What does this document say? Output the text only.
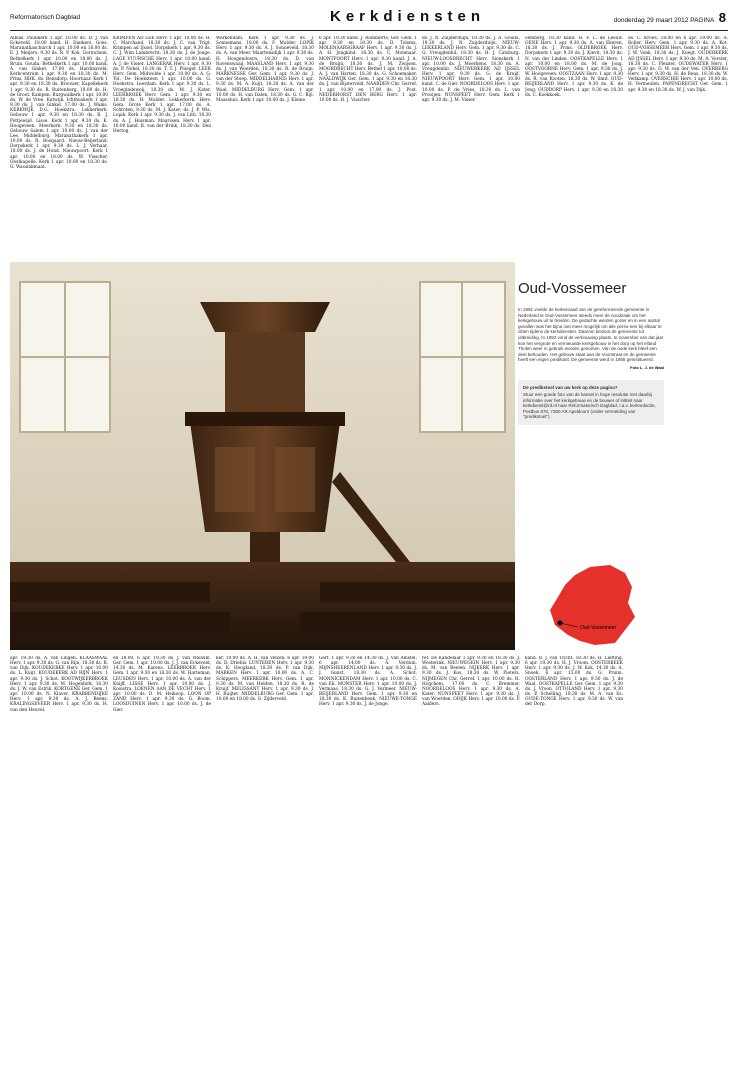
Reformatorisch Dagblad	Kerkdiensten	donderdag 29 maart 2012 PAGINA 8

Alblas. Paulikerk 1 apr. 10.00 ds. D. J. van Eckeveld, 18.00 kand. H. Dankers. Goes. Maranathaschurch 1 apr. 10.00 en 18.00 ds. E. J. Meijers; 9.30 ds. R. P. Kok. Gorinchem, Bethelkerk 1 apr. 10.00 en 18.00 ds. J. Bruin. Gouda. Bethelkerk 1 apr. 10.00 kand. A. van Ginkel; 17.00 ds. Hardinxveld. Kerkcentrum 1 apr. 9.30 en 18.30 ds. M. Prins. HHK. ds. Bensdorp. Hoornaar. Kerk 1 apr. 9.30 en 18.30 ds. Brouwer, Kapellekerk 1 apr. 9.30 ds. R. Ruitenberg, 18.00 ds. H. de Groot. Kampen. Burgwalkerk 1 apr. 10.00 ds. W. de Vree. Katwijk. Ichthuskerk 1 apr. 9.30 ds. J. van Ginkel, 17.00 ds. J. Wams. KERKWIJK D.G. Hoekstra. Lekkerkerk. Gebouw 1 apr. 9.30 en 18.30 ds. B. J. Pottjewijd. Lisse. Kerk 1 apr. 9.30 ds. K. Hoogeveen. Meerkerk. 9.30 en 18.30 ds. Gebouw Salem 1 apr. 10.00 ds. J. van der Lee. Middelburg. Maranathakerk 1 apr. 10.00 ds. R. Boogaard. Nieuw-Beijerland. Dorpskerk 1 apr. 9.30 ds. L. J. Verhaar, 18.00 ds. J. de Hond. Nieuwpoort. Kerk 1 apr. 10.00 en 18.00 ds. W. Visscher. Oostkapelle. Kerk 1 apr. 10.00 en 18.30 ds. G. Wassinkmaat.

KRIMPEN AD LEK Herv. 1 apr. 10.00 ds. H. C. Marchand, 18.30 ds. J. C. van Trigt. Krimpen ad IJssel. Dorpskerk 1 apr. 9.30 ds. C. J. Wim Lambrecht, 18.30 ds. J. de Jonge. LAGE VUURSCHE Herv. 1 apr. 10.00 kand. A. J. de Visser. LANGERAK Herv. 1 apr. 9.30 ds. P. Nobel, 18.30 ds. T. T. J. Ploeger. LEEK Herv. Gem. Midwolde 1 apr. 10.00 ds. A. G. Tol. De Hoeksteen 1 apr. 10.00 ds. G. Hoekstra. Leerdam. Kerk 1 apr. 9.30 ds. L. Vroegindeweij, 18.30 ds. M. J. Kater. LEERBROEK Herv. Gem. 1 apr. 9.30 en 18.30 ds. H. Mulder. Lekkerkerk. Herv. Gem. Grote Kerk 1 apr. 17.00 ds. A. Schroten, 9.30 ds. M. J. Kater; ds. J. P. Wis. Lopik. Kerk 1 apr. 9.30 ds. J. van Lith, 18.30 ds. A. J. Huisman. Maarssen. Herv. 1 apr. 10.00 kand. B. van der Brink, 18.30 ds. Den Hertog.

Werkendam. Kerk 1 apr. 9.30 ds. J. Sonnemans, 18.00 ds. F. Mulder. LOPIK Herv. 1 apr. 9.30 ds. A. J. Sonneveld, 18.30 ds. A. van Meer. Maartensdijk 1 apr. 9.30 ds. H. Hoogendoorn, 18.30 ds. D. van Ravenswaaij. MAASLAND Herv. 1 apr. 9.30 ds. J. van Woerden, 18.30 ds. R. de Bruijn. MARKNESSE Ger. Gem. 1 apr. 9.30 ds. J. van der Stoep. MIDDELHARNIS Herv. 1 apr. 9.30 ds. M. A. Kuijt, 18.30 ds. A. van der Waal. MIDDELBURG Herv. Gem. 1 apr. 10.00 ds. H. van Dalen, 18.30 ds. G. C. Bijl. Maassluis. Kerk 1 apr. 10.00 ds. J. Kleine.

6 apr. 19.30 kand. J. Rommerts; Ger. Gem. 1 apr. 9.30 en 18.30 ds. D. Tolsma. MOLENAARSGRAAF Herv. 1 apr. 9.30 ds. J. A. H. Jongkind, 18.30 ds. C. Molenaar. MONTFOORT Herv. 1 apr. 9.30 kand. J. A. de Bruijn, 18.30 ds. J. M. Zwijsen. MOORDRECHT Herv. Bethel 1 apr. 10.00 ds. A. J. van Harten, 18.30 ds. G. Schoemaker. NAALDWIJK Ger. Gem. 1 apr. 9.30 en 18.30 ds. J. van Bijsterveld. NAARDEN Chr. Gerref. 1 apr. 10.00 en 17.00 ds. J. Post. NEDERHORST DEN BERG Herv. 1 apr. 10.00 ds. H. J. Visscher.

ds. J. N. Zuijderduijn, 18.30 ds. J. A. Gouda, 19.30 ds. J. N. Zuijderduijn. NIEUW-LEKKERLAND Herv. Gem. 1 apr. 9.30 ds. C. G. Vreugdenhil, 18.30 ds. H. J. Catsburg. NIEUW-LOOSDRECHT Herv. Sionskerk 1 apr. 10.00 ds. J. Moerkens, 18.30 ds. A. Vreugdenhil. NIEUWERKERK AD IJSSEL Herv. 1 apr. 9.30 ds. G. de Kruijf. NIEUWPOORT Herv. Gem. 1 apr. 10.00 kand. C. de Gier. NOORDELOOS Herv. 1 apr. 10.00 ds. P. de Vries, 18.30 ds. L. van Prooijen. NUNSPEET Herv. Gem. Kerk 1 apr. 9.30 ds. J. M. Visser.

oemberg, 18.30 kand. H. F. L. de Leeuw. OENE Herv. 1 apr. 9.30 ds. A. van Ekeren, 18.30 ds. J. Prins. OLDEBROEK Herv. Dorpskerk 1 apr. 9.30 ds. J. Kievit, 18.30 ds. N. van der Linden. OOSTKAPELLE Herv. 1 apr. 10.00 en 18.00 ds. M. de Jong. OOSTVOORNE Herv. Gem. 1 apr. 9.30 ds. J. W. Hoogeveen. OOSTZAAN Herv. 1 apr. 9.30 ds. R. van Kooten, 18.30 ds. W. Smit. OUD-BEIJERLAND Herv. 1 apr. 9.30 ds. K. de Jong. OUDDORP Herv. 1 apr. 9.30 en 18.30 ds. C. Koekkoek.

ds. C. Kroes, 18.00 en 6 apr. 19.00 ds. A. Bolier. Herv. Gem. 1 apr. 9.30 ds. A. Kot. OUD-VOSSEMEER Herv. Gem. 1 apr. 9.30 ds. J. W. Vonk, 18.30 ds. J. Knegt. OUDERKERK AD IJSSEL Herv. 1 apr. 9.30 ds. M. A. Vorster, 18.30 ds. C. Pleizier. OUDEWATER Herv. 1 apr. 9.30 ds. G. W. van der Ven. OVERBERG Herv. 1 apr. 9.30 ds. H. de Reus, 18.30 ds. W. Veltkamp. OVERSCHIE Herv. 1 apr. 10.00 ds. H. Vermeulen. PAPENDRECHT Ger. Gem. 1 apr. 9.30 en 18.30 ds. W. J. van Dijk.

Oud-Vossemeer
In 1991 voelde de kerkenraad van de gereformeerde gemeente in Nederland te Oud-Vossemeer steeds meer de noodzaak om het kerkgebouw uit te breiden. De gedachte werden groter en in een aantal gevallen was het bijna niet meer mogelijk om alle perso-nen bij elkaar te zitten tijdens de kerkdiensten. Daarom besloot de gemeente tot uitbreiding. In 1992 vond de verbouwing plaats. In november van dat jaar kon het vergrote en vernieuwde kerkgebouw in het dorp op het eiland Tholen weer in gebruik worden genomen. Van de oude kerk bleef een deel behouden. Het gebouw staat aan de Voorstraat en de gemeente heeft een eigen predikant. De gemeente werd in 1956 geïnstitueerd.
Foto L. J. de Waal
De predikstoel van uw kerk op deze pagina?
Stuur een goede foto van de kansel in hoge resolutie met daarbij informatie over het kerkgebouw en de bouwer of intiteit naar kerkdienst@rd.nl naar Reformatorisch Dagblad, t.a.v. kerkredactie, Postbus 670, 7300 AR Apeldoorn (onder vermelding van "predikstoel").
Oud-Vossemeer

apr. 19.30 ds. A. van Lingen. KLAASWAAL Herv. 1 apr. 9.30 ds. G. van Rijn, 18.30 ds. B. van Dijk. KOUDEKERKE Herv. 1 apr. 10.00 ds. L. Kuijt. KOUDEKERK AD RIJN Herv. 1 apr. 9.30 ds. J. Schot. KOOTWIJKERBROEK Herv. 1 apr. 9.30 ds. M. Hogenbirk, 18.30 ds. J. W. van Estrik. KORTGENE Ger. Gem. 1 apr. 10.00 ds. N. Klaver. KRABBENDIJKE Herv. 1 apr. 9.30 ds. A. J. Beens. KRALINGSEVEER Herv. 1 apr. 9.30 ds. H. van den Heuvel.

en 18.00, 6 apr. 19.30 ds. J. van Walsum. Ger. Gem. 1 apr. 10.00 ds. J. J. van Eckeveld, 14.30 ds. M. Karens. LEERBROEK Herv. Gem. 1 apr. 9.30 en 18.30 ds. W. Harteman. LEUSDEN Herv. 1 apr. 10.00 ds. A. van der Knijff. LISSE Herv. 1 apr. 10.00 ds. J. Kooistra. LOENEN AAN DE VECHT Herv. 1 apr. 10.00 ds. D. M. Heikoop. LOON OP ZAND Herv. 1 apr. 9.30 ds. G. Boom. LOOSDUINEN Herv. 1 apr. 10.00 ds. J. de Gier.

ker, 19.00 ds. A. H. van Velzen; 6 apr. 19.00 ds. D. Driebis. LUNTEREN Herv. 1 apr. 9.30 ds. K. Hoogland, 18.30 ds. P. van Dijk. MARKEN Herv. 1 apr. 10.00 ds. A. C. Schippers. MEERKERK Herv. Gem. 1 apr. 9.30 ds. M. van Helden, 18.30 ds. R. de Kruijf. MELISSANT Herv. 1 apr. 9.30 ds. J. H. Ruijter. MIDDELBURG Ger. Gem. 1 apr. 10.00 en 18.00 ds. G. Zijderveld.

Gerf. 1 apr. 9.30 en 14.30 ds. J. Van Amstel; 6 apr. 14.00 ds. A. Verduin. MIJNSHEERENLAND Herv. 1 apr. 9.30 ds. J. J. Gunst, 18.30 ds. A. Schot. MONNICKENDAM Herv. 1 apr. 10.00 ds. C. van Ek. MONSTER Herv. 1 apr. 10.00 ds. J. Vermaas, 18.30 ds. G. J. Vermeer. NIEUW-BEIJERLAND Herv. Gem. 1 apr. 9.30 en 18.30 ds. K. Ruitenbeek. NIEUWE-TONGE Herv. 1 apr. 9.30 ds. J. de Jonge.

ref. De Kandelaar 1 apr. 9.30 en 18.30 ds. J. Westerink. NIEUWEGEIN Herv. 1 apr. 9.30 ds. M. van Beelen. NIJKERK Herv. 1 apr. 9.30 ds. J. Kos, 18.30 ds. W. Pieters. NIJMEGEN Chr. Gerref. 1 apr. 10.00 ds. H. Hogchem, 17.00 ds. C. Bremmer. NOORDELOOS Herv. 1 apr. 9.30 ds. A. Kater. NUNSPEET Herv. 1 apr. 9.30 ds. J. van Woerden. ODIJK Herv. 1 apr. 10.00 ds. P. Aalders.

kand. B. J. van Tricht, 18.30 ds. H. Liefting, 6 apr. 19.30 ds. H. J. Vroom. OOSTERBEEK Herv. 1 apr. 9.30 ds. J. W. Kok, 14.30 ds. A. Snoek, 6 apr. 15.00 ds. G. Pruim. OOSTERLAND Herv. 1 apr. 9.30 ds. J. de Waal. OOSTKAPELLE Ger. Gem. 1 apr. 9.30 ds. J. Vroon. OTTOLAND Herv. 1 apr. 9.30 ds. P. Schelling, 18.30 ds. M. A. van Es. OUDE-TONGE Herv. 1 apr. 9.30 ds. W. van der Dorp.
